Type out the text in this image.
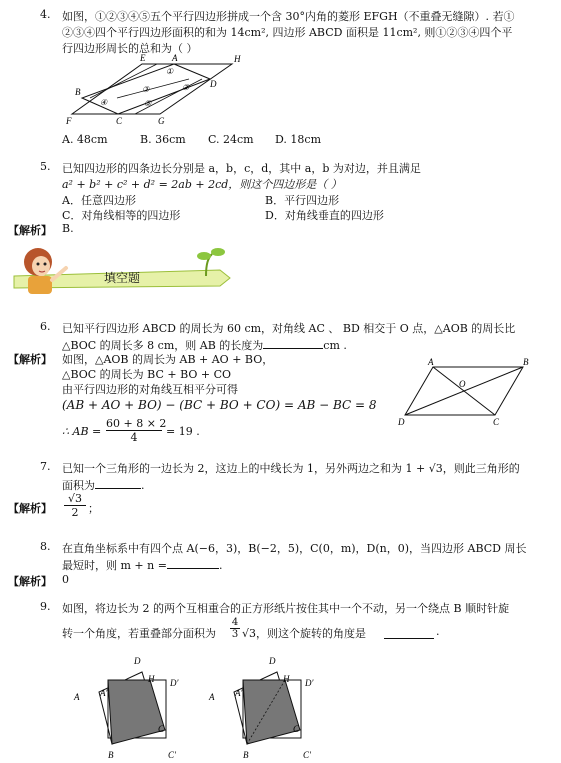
4. 如图，①②③④⑤五个平行四边形拼成一个含 30°内角的菱形 EFGH（不重叠无缝隙）. 若①
②③④四个平行四边形面积的和为 14cm², 四边形 ABCD 面积是 11cm², 则①②③④四个平
行四边形周长的总和为（ ）
E	A	H
B
D
F	C	G
①
②
③
④	⑤
A. 48cm	B. 36cm C. 24cm D. 18cm
5. 已知四边形的四条边长分别是 a，b，c，d，其中 a，b 为对边，并且满足
a² + b² + c² + d² = 2ab + 2cd，则这个四边形是（ ）
A．任意四边形	B．平行四边形
C．对角线相等的四边形	D．对角线垂直的四边形
【解析】 B.
填空题
6. 已知平行四边形 ABCD 的周长为 60 cm，对角线 AC 、 BD 相交于 O 点，△AOB 的周长比
△BOC 的周长多 8 cm，则 AB 的长度为	cm .
【解析】 如图，△AOB 的周长为 AB + AO + BO，
△BOC 的周长为 BC + BO + CO
由平行四边形的对角线互相平分可得
(AB + AO + BO) − (BC + BO + CO) = AB − BC = 8
∴ AB = $\frac{60 + 8 \times 2}{4} = 19$ .
A	B
O
D	C
7. 已知一个三角形的一边长为 2，这边上的中线长为 1，另外两边之和为 1 + √3，则此三角形的
面积为	.
【解析】 $\frac{√3}{2}$ ；
8. 在直角坐标系中有四个点 A(−6，3)，B(−2，5)，C(0，m)，D(n，0)，当四边形 ABCD 周长
最短时，则 m + n =	.
【解析】 0
9. 如图，将边长为 2 的两个互相重合的正方形纸片按住其中一个不动，另一个绕点 B 顺时针旋
转一个角度，若重叠部分面积为 $\frac{4}{3} √3$，则这个旋转的角度是	.
D
A A′
H D′
C
B	C′
D
A A′
H D′
C
B	C′
